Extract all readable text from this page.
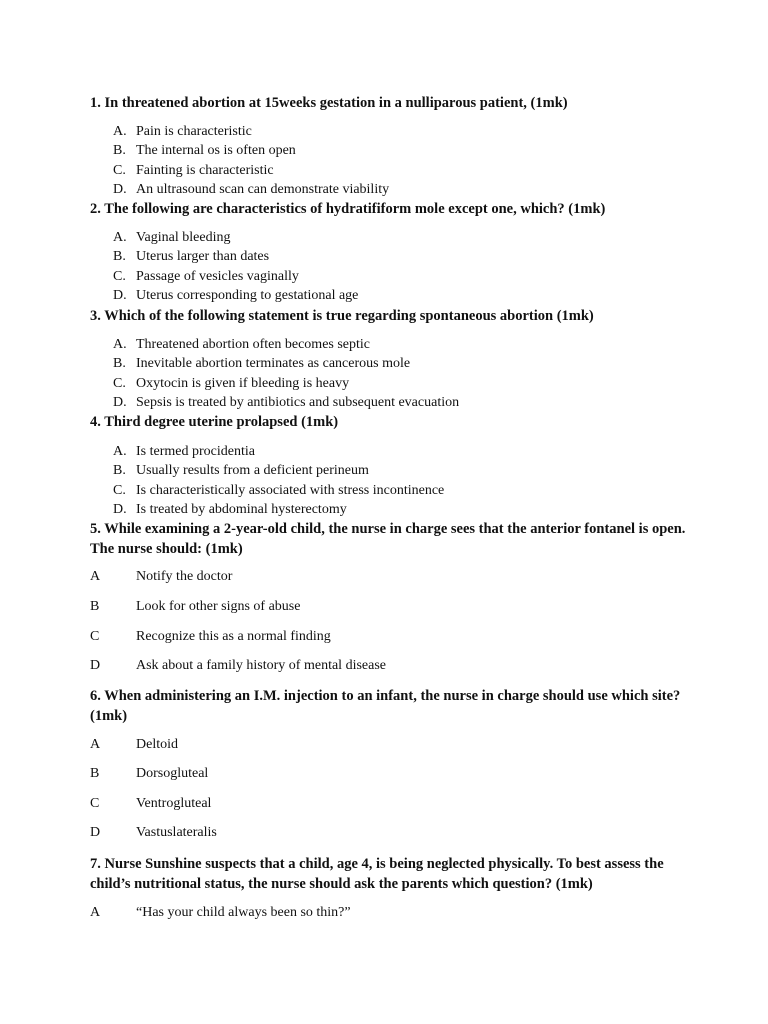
1. In threatened abortion at 15weeks gestation in a nulliparous patient, (1mk)
A. Pain is characteristic
B. The internal os is often open
C. Fainting is characteristic
D. An ultrasound scan can demonstrate viability
2. The following are characteristics of hydratifiform mole except one, which? (1mk)
A. Vaginal bleeding
B. Uterus larger than dates
C. Passage of vesicles vaginally
D. Uterus corresponding to gestational age
3. Which of the following statement is true regarding spontaneous abortion (1mk)
A. Threatened abortion often becomes septic
B. Inevitable abortion terminates as cancerous mole
C. Oxytocin is given if bleeding is heavy
D. Sepsis is treated by antibiotics and subsequent evacuation
4. Third degree uterine prolapsed (1mk)
A. Is termed procidentia
B. Usually results from a deficient perineum
C. Is characteristically associated with stress incontinence
D. Is treated by abdominal hysterectomy
5. While examining a 2-year-old child, the nurse in charge sees that the anterior fontanel is open. The nurse should: (1mk)
A	Notify the doctor
B	Look for other signs of abuse
C	Recognize this as a normal finding
D	Ask about a family history of mental disease
6. When administering an I.M. injection to an infant, the nurse in charge should use which site? (1mk)
A	Deltoid
B	Dorsogluteal
C	Ventrogluteal
D	Vastuslateralis
7. Nurse Sunshine suspects that a child, age 4, is being neglected physically. To best assess the child’s nutritional status, the nurse should ask the parents which question? (1mk)
A	“Has your child always been so thin?”
